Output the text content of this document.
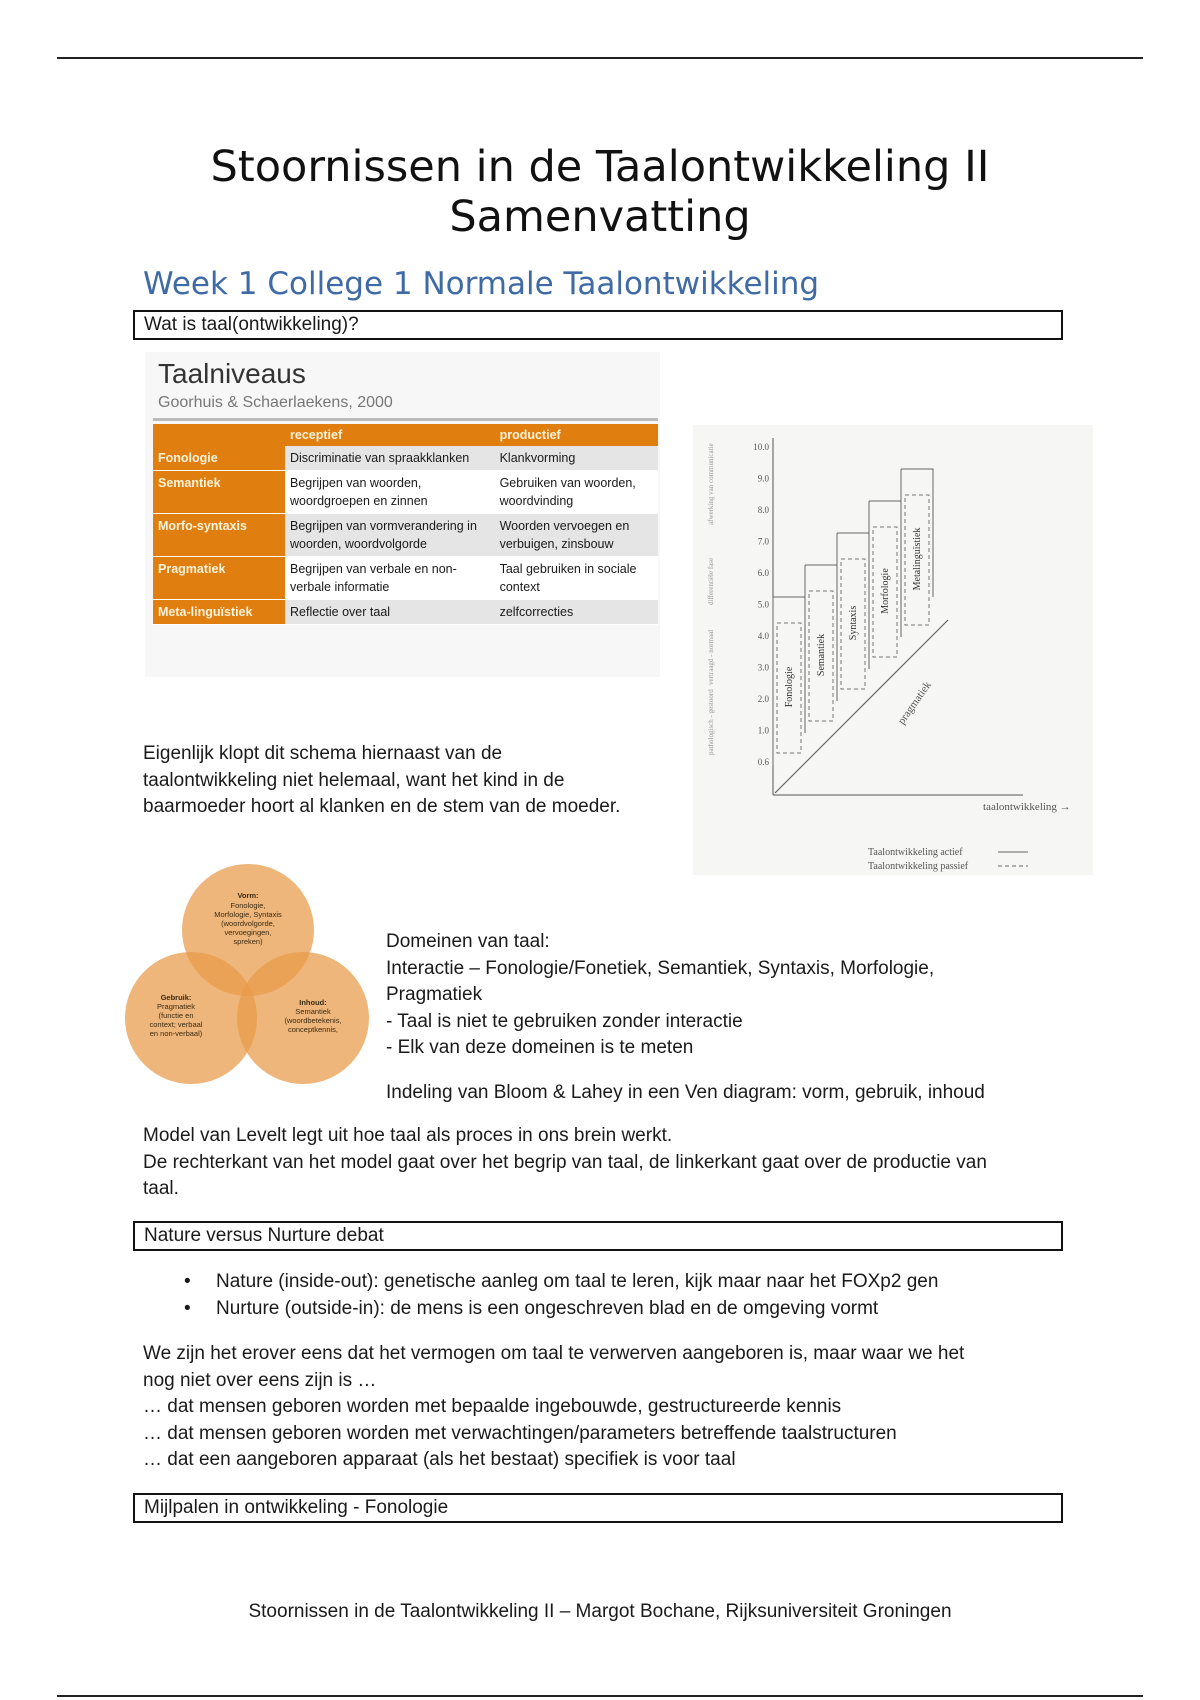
Stoornissen in de Taalontwikkeling II
Samenvatting
Week 1 College 1 Normale Taalontwikkeling
Wat is taal(ontwikkeling)?
Taalniveaus
Goorhuis & Schaerlaekens, 2000
	receptief	productief
Fonologie	Discriminatie van spraakklanken	Klankvorming
Semantiek	Begrijpen van woorden, woordgroepen en zinnen	Gebruiken van woorden, woordvinding
Morfo-syntaxis	Begrijpen van vormverandering in woorden, woordvolgorde	Woorden vervoegen en verbuigen, zinsbouw
Pragmatiek	Begrijpen van verbale en non-verbale informatie	Taal gebruiken in sociale context
Meta-linguïstiek	Reflectie over taal	zelfcorrecties
10.0
9.0
8.0
7.0
6.0
5.0
4.0
3.0
2.0
1.0
0.6
Fonologie
Semantiek
Syntaxis
Morfologie
Metalinguïstiek
pragmatiek
taalontwikkeling →
Taalontwikkeling actief
Taalontwikkeling passief
pathologisch - gestoord
vertraagd - normaal
differentiële fase
afwerking van communicatie
Eigenlijk klopt dit schema hiernaast van de
taalontwikkeling niet helemaal, want het kind in de
baarmoeder hoort al klanken en de stem van de moeder.
Vorm:
Fonologie,
Morfologie, Syntaxis
(woordvolgorde,
vervoegingen,
spreken)
Gebruik:
Pragmatiek
(functie en
context; verbaal
en non-verbaal)
Inhoud:
Semantiek
(woordbetekenis,
conceptkennis,
Domeinen van taal:
Interactie – Fonologie/Fonetiek, Semantiek, Syntaxis, Morfologie,
Pragmatiek
- Taal is niet te gebruiken zonder interactie
- Elk van deze domeinen is te meten
Indeling van Bloom & Lahey in een Ven diagram: vorm, gebruik, inhoud
Model van Levelt legt uit hoe taal als proces in ons brein werkt.
De rechterkant van het model gaat over het begrip van taal, de linkerkant gaat over de productie van
taal.
Nature versus Nurture debat
• Nature (inside-out): genetische aanleg om taal te leren, kijk maar naar het FOXp2 gen
• Nurture (outside-in): de mens is een ongeschreven blad en de omgeving vormt
We zijn het erover eens dat het vermogen om taal te verwerven aangeboren is, maar waar we het
nog niet over eens zijn is …
… dat mensen geboren worden met bepaalde ingebouwde, gestructureerde kennis
… dat mensen geboren worden met verwachtingen/parameters betreffende taalstructuren
… dat een aangeboren apparaat (als het bestaat) specifiek is voor taal
Mijlpalen in ontwikkeling - Fonologie
Stoornissen in de Taalontwikkeling II – Margot Bochane, Rijksuniversiteit Groningen
